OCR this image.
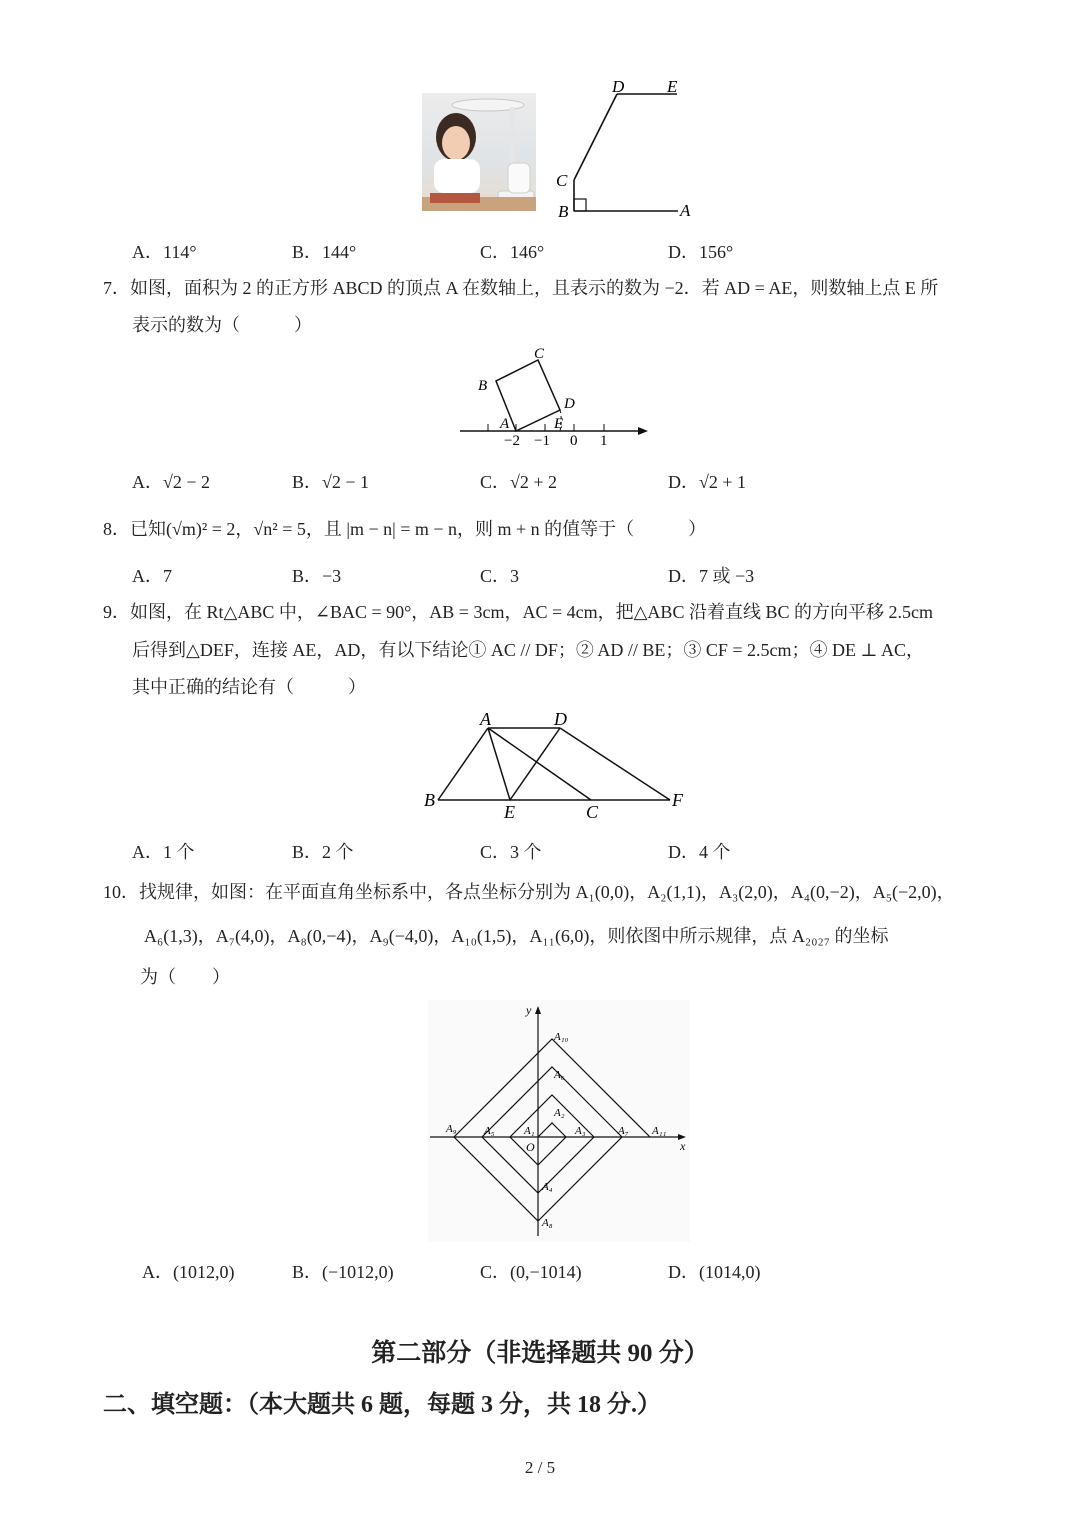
D	E
C
B	A
A．114°	B．144°	C．146°	D．156°
7．如图，面积为 2 的正方形 ABCD 的顶点 A 在数轴上，且表示的数为 −2．若 AD = AE，则数轴上点 E 所
表示的数为（　　　）
B
C
D
A	E
−2 −1 0 1
A．√2 − 2	B．√2 − 1	C．√2 + 2	D．√2 + 1
8．已知(√m)² = 2，√n² = 5，且 |m − n| = m − n，则 m + n 的值等于（　　　）
A．7	B．−3	C．3	D．7 或 −3
9．如图，在 Rt△ABC 中，∠BAC = 90°，AB = 3cm，AC = 4cm，把△ABC 沿着直线 BC 的方向平移 2.5cm
后得到△DEF，连接 AE，AD，有以下结论① AC // DF；② AD // BE；③ CF = 2.5cm；④ DE ⊥ AC，
其中正确的结论有（　　　）
A	D
B
E	C
F
A．1 个	B．2 个	C．3 个	D．4 个
10．找规律，如图：在平面直角坐标系中，各点坐标分别为 A₁(0,0)，A₂(1,1)，A₃(2,0)，A₄(0,−2)，A₅(−2,0)，
A₆(1,3)，A₇(4,0)，A₈(0,−4)，A₉(−4,0)，A₁₀(1,5)，A₁₁(6,0)，则依图中所示规律，点 A₂₀₂₇ 的坐标
为（　　）
y
x
O
A₁
A₂
A₃
A₄
A₅
A₆
A₇
A₈
A₉
A₁₀
A₁₁
A．(1012,0)	B．(−1012,0)	C．(0,−1014)	D．(1014,0)
第二部分（非选择题共 90 分）
二、填空题：（本大题共 6 题，每题 3 分，共 18 分.）
2 / 5
